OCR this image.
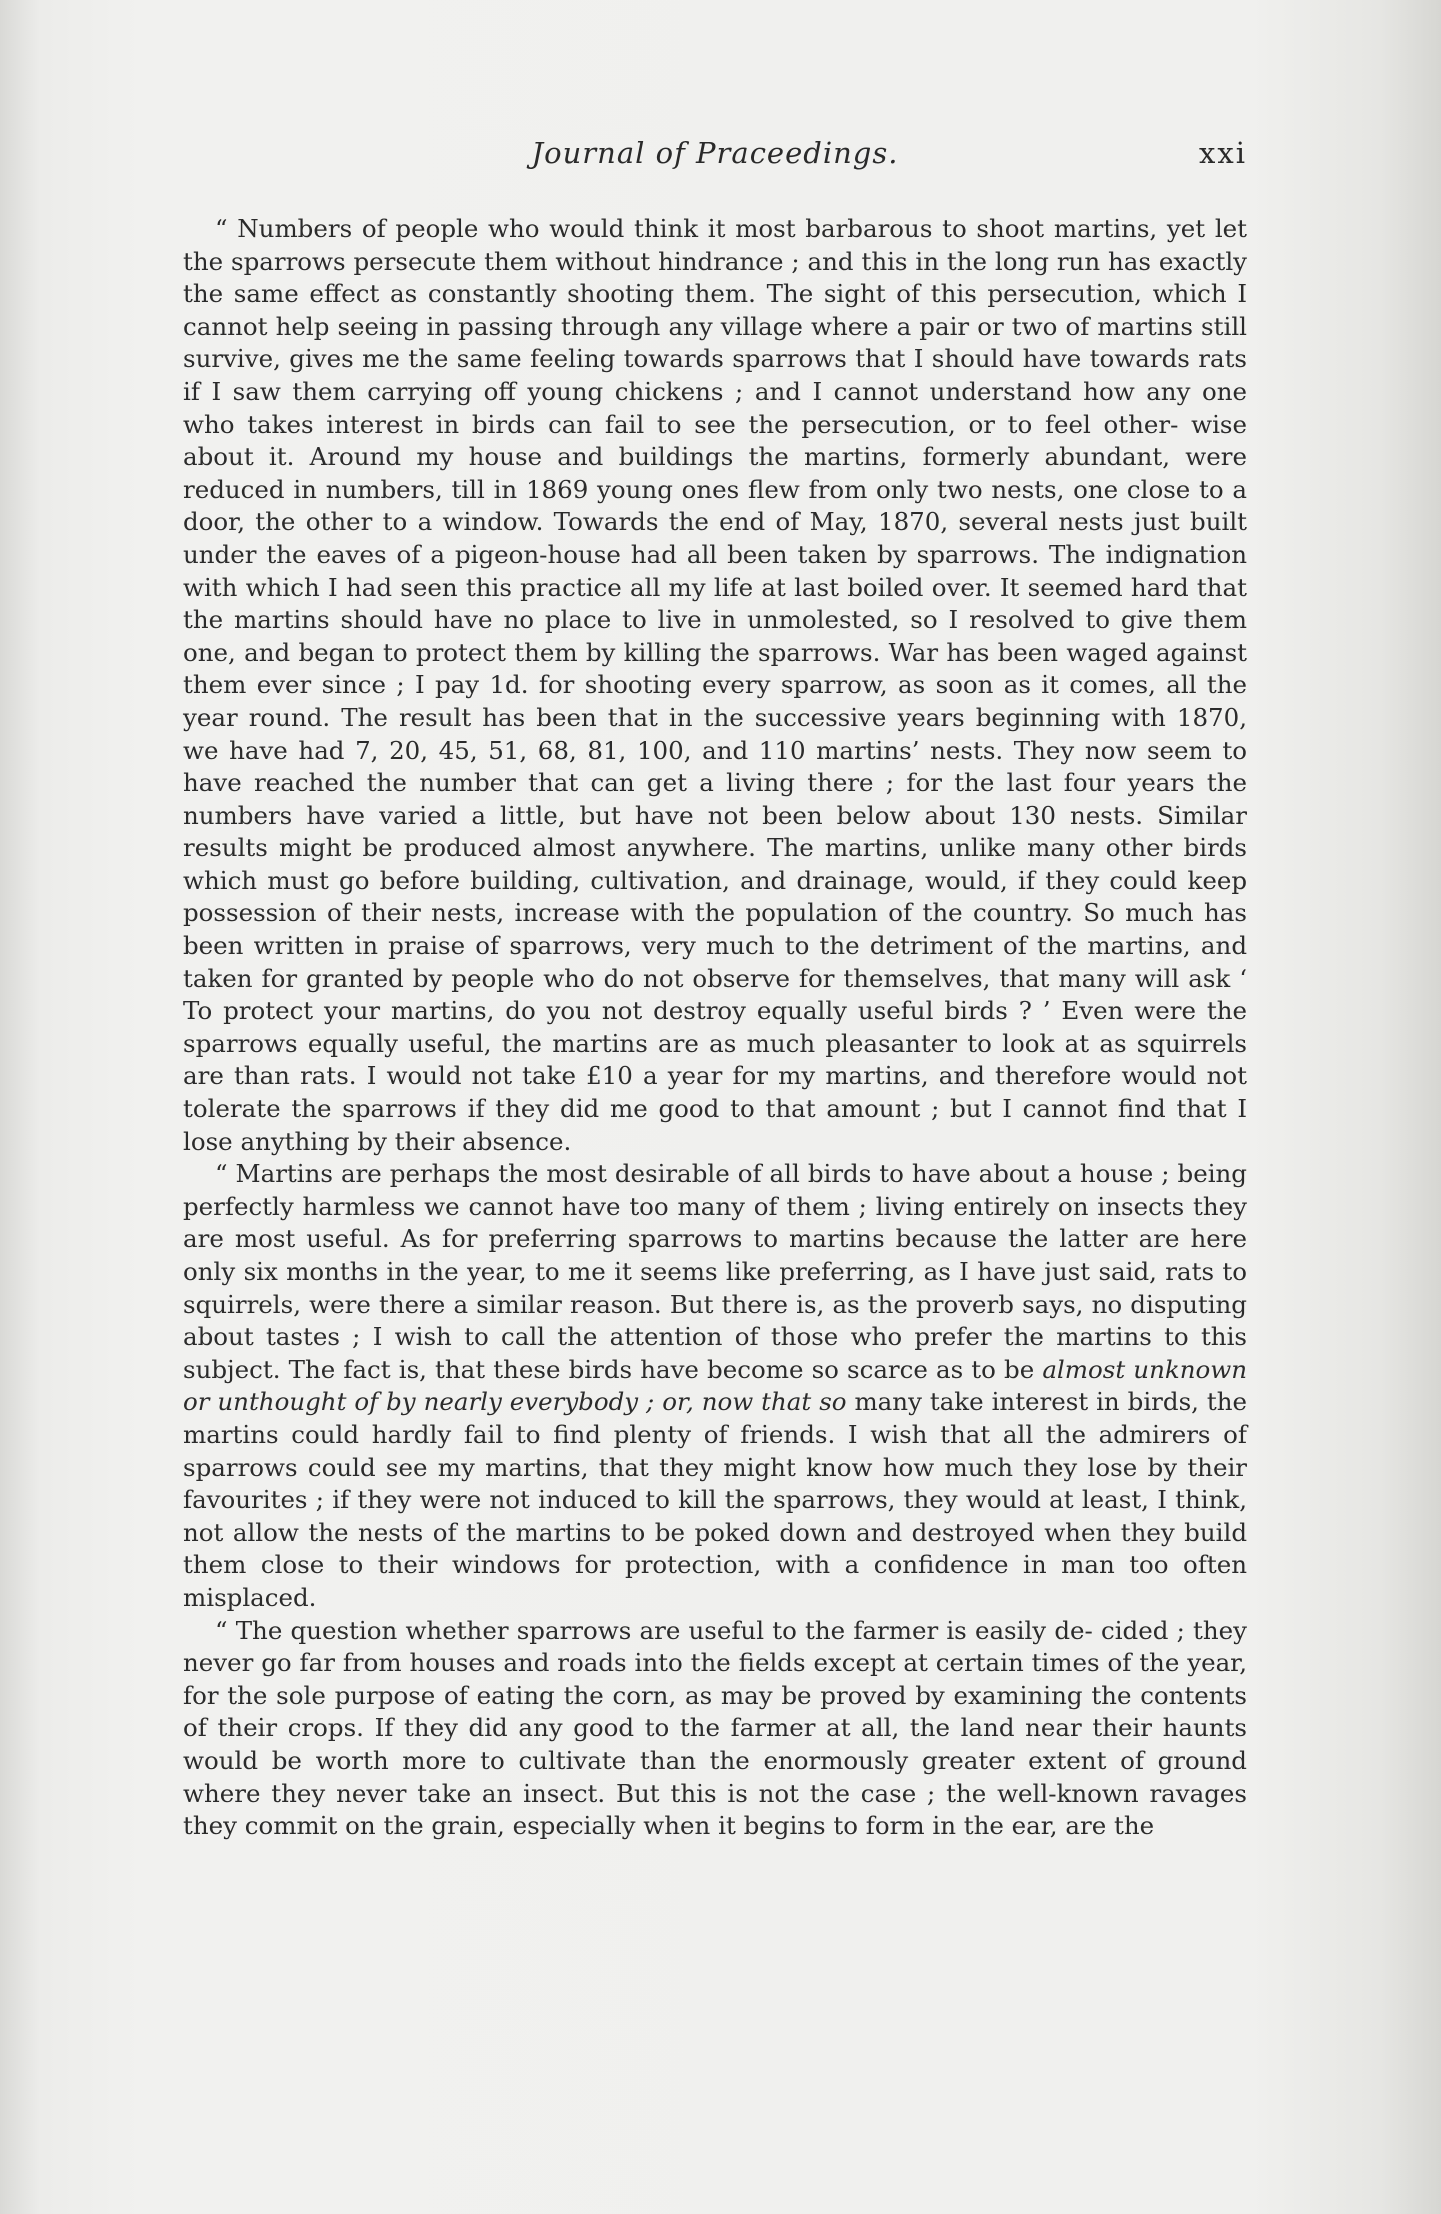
Journal of Praceedings.	xxi

“ Numbers of people who would think it most barbarous to shoot martins, yet let the sparrows persecute them without hindrance ; and this in the long run has exactly the same effect as constantly shooting them. The sight of this persecution, which I cannot help seeing in passing through any village where a pair or two of martins still survive, gives me the same feeling towards sparrows that I should have towards rats if I saw them carrying off young chickens ; and I cannot understand how any one who takes interest in birds can fail to see the persecution, or to feel other- wise about it. Around my house and buildings the martins, formerly abundant, were reduced in numbers, till in 1869 young ones flew from only two nests, one close to a door, the other to a window. Towards the end of May, 1870, several nests just built under the eaves of a pigeon-house had all been taken by sparrows. The indignation with which I had seen this practice all my life at last boiled over. It seemed hard that the martins should have no place to live in unmolested, so I resolved to give them one, and began to protect them by killing the sparrows. War has been waged against them ever since ; I pay 1d. for shooting every sparrow, as soon as it comes, all the year round. The result has been that in the successive years beginning with 1870, we have had 7, 20, 45, 51, 68, 81, 100, and 110 martins’ nests. They now seem to have reached the number that can get a living there ; for the last four years the numbers have varied a little, but have not been below about 130 nests. Similar results might be produced almost anywhere. The martins, unlike many other birds which must go before building, cultivation, and drainage, would, if they could keep possession of their nests, increase with the population of the country. So much has been written in praise of sparrows, very much to the detriment of the martins, and taken for granted by people who do not observe for themselves, that many will ask ‘ To protect your martins, do you not destroy equally useful birds ? ’ Even were the sparrows equally useful, the martins are as much pleasanter to look at as squirrels are than rats. I would not take £10 a year for my martins, and therefore would not tolerate the sparrows if they did me good to that amount ; but I cannot find that I lose anything by their absence.

“ Martins are perhaps the most desirable of all birds to have about a house ; being perfectly harmless we cannot have too many of them ; living entirely on insects they are most useful. As for preferring sparrows to martins because the latter are here only six months in the year, to me it seems like preferring, as I have just said, rats to squirrels, were there a similar reason. But there is, as the proverb says, no disputing about tastes ; I wish to call the attention of those who prefer the martins to this subject. The fact is, that these birds have become so scarce as to be almost unknown or unthought of by nearly everybody ; or, now that so many take interest in birds, the martins could hardly fail to find plenty of friends. I wish that all the admirers of sparrows could see my martins, that they might know how much they lose by their favourites ; if they were not induced to kill the sparrows, they would at least, I think, not allow the nests of the martins to be poked down and destroyed when they build them close to their windows for protection, with a confidence in man too often misplaced.

“ The question whether sparrows are useful to the farmer is easily de- cided ; they never go far from houses and roads into the fields except at certain times of the year, for the sole purpose of eating the corn, as may be proved by examining the contents of their crops. If they did any good to the farmer at all, the land near their haunts would be worth more to cultivate than the enormously greater extent of ground where they never take an insect. But this is not the case ; the well-known ravages they commit on the grain, especially when it begins to form in the ear, are the
